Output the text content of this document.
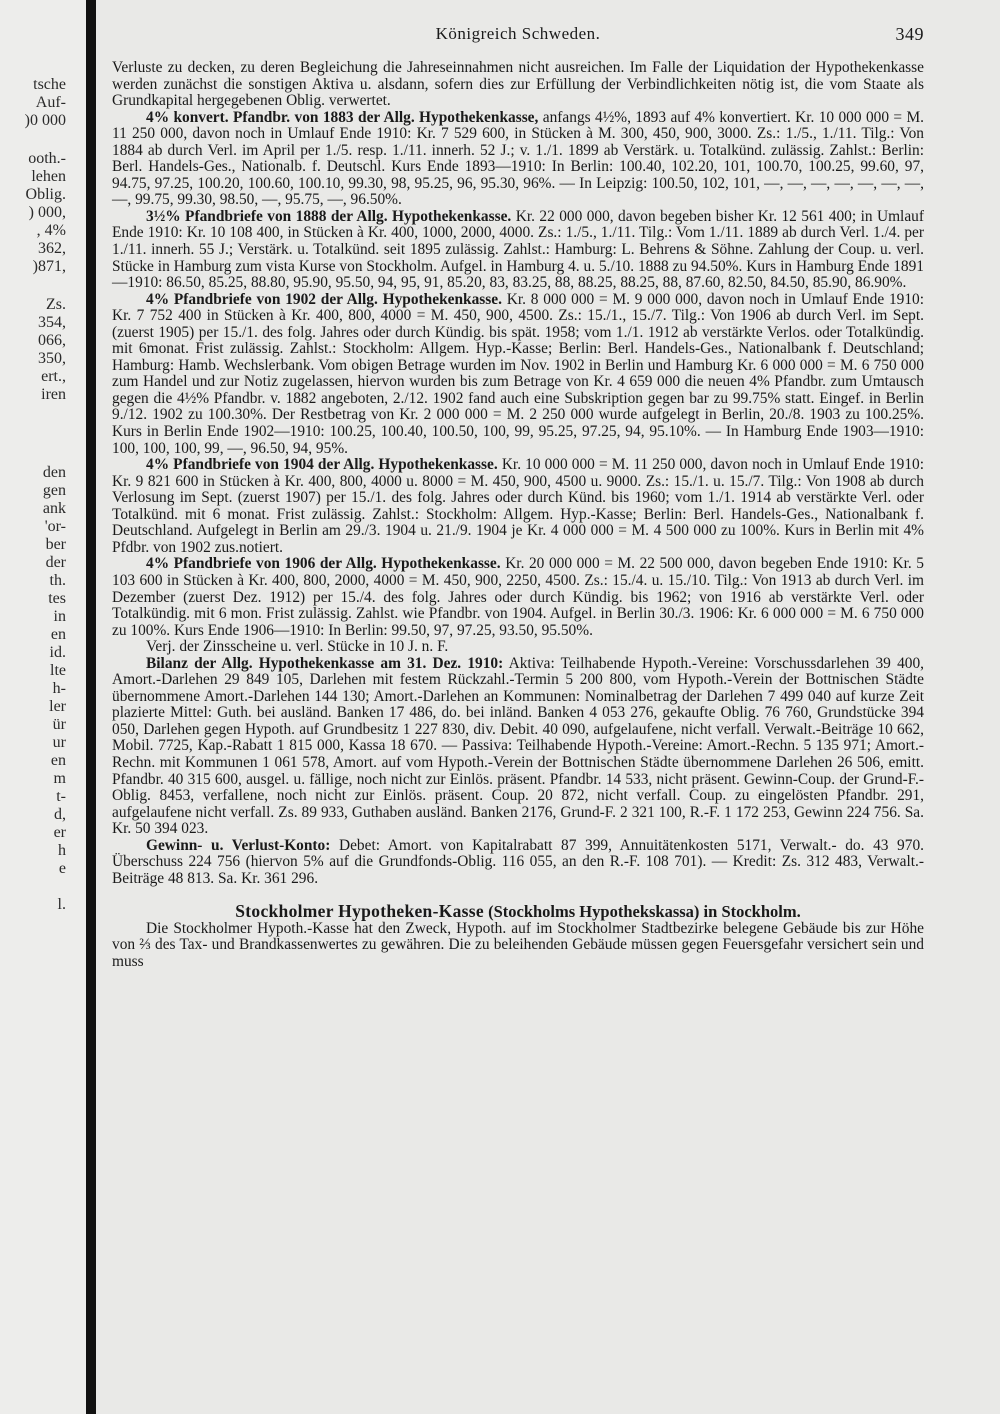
tsche
Auf-
)0 000
ooth.-
lehen
Oblig.
) 000,
, 4%
362,
)871,
Zs.
354,
066,
350,
ert.,
iren
den
gen
ank
'or-
ber
der
th.
tes
in
en
id.
lte
h-
ler
ür
ur
en
m
t-
d,
er
h
e
l.
Königreich Schweden.	349

Verluste zu decken, zu deren Begleichung die Jahreseinnahmen nicht ausreichen. Im Falle der Liquidation der Hypothekenkasse werden zunächst die sonstigen Aktiva u. alsdann, sofern dies zur Erfüllung der Verbindlichkeiten nötig ist, die vom Staate als Grundkapital hergegebenen Oblig. verwertet.

4% konvert. Pfandbr. von 1883 der Allg. Hypothekenkasse, anfangs 4½%, 1893 auf 4% konvertiert. Kr. 10 000 000 = M. 11 250 000, davon noch in Umlauf Ende 1910: Kr. 7 529 600, in Stücken à M. 300, 450, 900, 3000. Zs.: 1./5., 1./11. Tilg.: Von 1884 ab durch Verl. im April per 1./5. resp. 1./11. innerh. 52 J.; v. 1./1. 1899 ab Verstärk. u. Totalkünd. zulässig. Zahlst.: Berlin: Berl. Handels-Ges., Nationalb. f. Deutschl. Kurs Ende 1893—1910: In Berlin: 100.40, 102.20, 101, 100.70, 100.25, 99.60, 97, 94.75, 97.25, 100.20, 100.60, 100.10, 99.30, 98, 95.25, 96, 95.30, 96%. — In Leipzig: 100.50, 102, 101, —, —, —, —, —, —, —, —, 99.75, 99.30, 98.50, —, 95.75, —, 96.50%.

3½% Pfandbriefe von 1888 der Allg. Hypothekenkasse. Kr. 22 000 000, davon begeben bisher Kr. 12 561 400; in Umlauf Ende 1910: Kr. 10 108 400, in Stücken à Kr. 400, 1000, 2000, 4000. Zs.: 1./5., 1./11. Tilg.: Vom 1./11. 1889 ab durch Verl. 1./4. per 1./11. innerh. 55 J.; Verstärk. u. Totalkünd. seit 1895 zulässig. Zahlst.: Hamburg: L. Behrens & Söhne. Zahlung der Coup. u. verl. Stücke in Hamburg zum vista Kurse von Stockholm. Aufgel. in Hamburg 4. u. 5./10. 1888 zu 94.50%. Kurs in Hamburg Ende 1891—1910: 86.50, 85.25, 88.80, 95.90, 95.50, 94, 95, 91, 85.20, 83, 83.25, 88, 88.25, 88.25, 88, 87.60, 82.50, 84.50, 85.90, 86.90%.

4% Pfandbriefe von 1902 der Allg. Hypothekenkasse. Kr. 8 000 000 = M. 9 000 000, davon noch in Umlauf Ende 1910: Kr. 7 752 400 in Stücken à Kr. 400, 800, 4000 = M. 450, 900, 4500. Zs.: 15./1., 15./7. Tilg.: Von 1906 ab durch Verl. im Sept. (zuerst 1905) per 15./1. des folg. Jahres oder durch Kündig. bis spät. 1958; vom 1./1. 1912 ab verstärkte Verlos. oder Totalkündig. mit 6monat. Frist zulässig. Zahlst.: Stockholm: Allgem. Hyp.-Kasse; Berlin: Berl. Handels-Ges., Nationalbank f. Deutschland; Hamburg: Hamb. Wechslerbank. Vom obigen Betrage wurden im Nov. 1902 in Berlin und Hamburg Kr. 6 000 000 = M. 6 750 000 zum Handel und zur Notiz zugelassen, hiervon wurden bis zum Betrage von Kr. 4 659 000 die neuen 4% Pfandbr. zum Umtausch gegen die 4½% Pfandbr. v. 1882 angeboten, 2./12. 1902 fand auch eine Subskription gegen bar zu 99.75% statt. Eingef. in Berlin 9./12. 1902 zu 100.30%. Der Restbetrag von Kr. 2 000 000 = M. 2 250 000 wurde aufgelegt in Berlin, 20./8. 1903 zu 100.25%. Kurs in Berlin Ende 1902—1910: 100.25, 100.40, 100.50, 100, 99, 95.25, 97.25, 94, 95.10%. — In Hamburg Ende 1903—1910: 100, 100, 100, 99, —, 96.50, 94, 95%.

4% Pfandbriefe von 1904 der Allg. Hypothekenkasse. Kr. 10 000 000 = M. 11 250 000, davon noch in Umlauf Ende 1910: Kr. 9 821 600 in Stücken à Kr. 400, 800, 4000 u. 8000 = M. 450, 900, 4500 u. 9000. Zs.: 15./1. u. 15./7. Tilg.: Von 1908 ab durch Verlosung im Sept. (zuerst 1907) per 15./1. des folg. Jahres oder durch Künd. bis 1960; vom 1./1. 1914 ab verstärkte Verl. oder Totalkünd. mit 6 monat. Frist zulässig. Zahlst.: Stockholm: Allgem. Hyp.-Kasse; Berlin: Berl. Handels-Ges., Nationalbank f. Deutschland. Aufgelegt in Berlin am 29./3. 1904 u. 21./9. 1904 je Kr. 4 000 000 = M. 4 500 000 zu 100%. Kurs in Berlin mit 4% Pfdbr. von 1902 zus.notiert.

4% Pfandbriefe von 1906 der Allg. Hypothekenkasse. Kr. 20 000 000 = M. 22 500 000, davon begeben Ende 1910: Kr. 5 103 600 in Stücken à Kr. 400, 800, 2000, 4000 = M. 450, 900, 2250, 4500. Zs.: 15./4. u. 15./10. Tilg.: Von 1913 ab durch Verl. im Dezember (zuerst Dez. 1912) per 15./4. des folg. Jahres oder durch Kündig. bis 1962; von 1916 ab verstärkte Verl. oder Totalkündig. mit 6 mon. Frist zulässig. Zahlst. wie Pfandbr. von 1904. Aufgel. in Berlin 30./3. 1906: Kr. 6 000 000 = M. 6 750 000 zu 100%. Kurs Ende 1906—1910: In Berlin: 99.50, 97, 97.25, 93.50, 95.50%.

Verj. der Zinsscheine u. verl. Stücke in 10 J. n. F.

Bilanz der Allg. Hypothekenkasse am 31. Dez. 1910: Aktiva: Teilhabende Hypoth.-Vereine: Vorschussdarlehen 39 400, Amort.-Darlehen 29 849 105, Darlehen mit festem Rückzahl.-Termin 5 200 800, vom Hypoth.-Verein der Bottnischen Städte übernommene Amort.-Darlehen 144 130; Amort.-Darlehen an Kommunen: Nominalbetrag der Darlehen 7 499 040 auf kurze Zeit plazierte Mittel: Guth. bei ausländ. Banken 17 486, do. bei inländ. Banken 4 053 276, gekaufte Oblig. 76 760, Grundstücke 394 050, Darlehen gegen Hypoth. auf Grundbesitz 1 227 830, div. Debit. 40 090, aufgelaufene, nicht verfall. Verwalt.-Beiträge 10 662, Mobil. 7725, Kap.-Rabatt 1 815 000, Kassa 18 670. — Passiva: Teilhabende Hypoth.-Vereine: Amort.-Rechn. 5 135 971; Amort.-Rechn. mit Kommunen 1 061 578, Amort. auf vom Hypoth.-Verein der Bottnischen Städte übernommene Darlehen 26 506, emitt. Pfandbr. 40 315 600, ausgel. u. fällige, noch nicht zur Einlös. präsent. Pfandbr. 14 533, nicht präsent. Gewinn-Coup. der Grund-F.-Oblig. 8453, verfallene, noch nicht zur Einlös. präsent. Coup. 20 872, nicht verfall. Coup. zu eingelösten Pfandbr. 291, aufgelaufene nicht verfall. Zs. 89 933, Guthaben ausländ. Banken 2176, Grund-F. 2 321 100, R.-F. 1 172 253, Gewinn 224 756. Sa. Kr. 50 394 023.

Gewinn- u. Verlust-Konto: Debet: Amort. von Kapitalrabatt 87 399, Annuitätenkosten 5171, Verwalt.- do. 43 970. Überschuss 224 756 (hiervon 5% auf die Grundfonds-Oblig. 116 055, an den R.-F. 108 701). — Kredit: Zs. 312 483, Verwalt.-Beiträge 48 813. Sa. Kr. 361 296.

Stockholmer Hypotheken-Kasse (Stockholms Hypothekskassa) in Stockholm.

Die Stockholmer Hypoth.-Kasse hat den Zweck, Hypoth. auf im Stockholmer Stadtbezirke belegene Gebäude bis zur Höhe von ⅔ des Tax- und Brandkassenwertes zu gewähren. Die zu beleihenden Gebäude müssen gegen Feuersgefahr versichert sein und muss
